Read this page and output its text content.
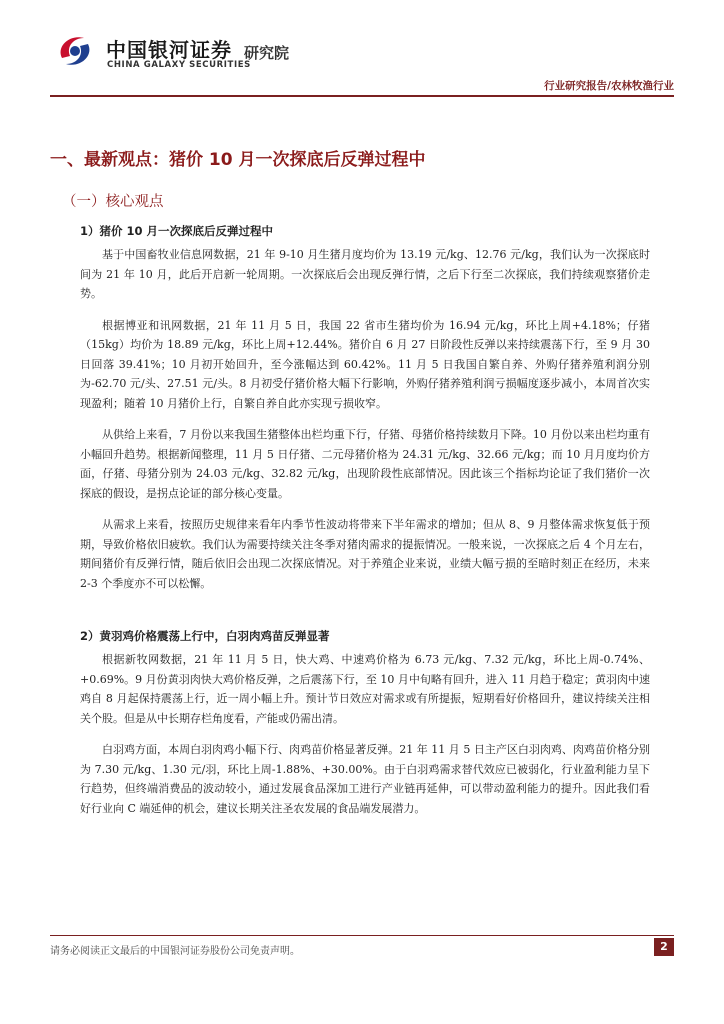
中国银河证券
CHINA GALAXY SECURITIES
研究院
行业研究报告/农林牧渔行业
一、最新观点：猪价 10 月一次探底后反弹过程中
（一）核心观点
1）猪价 10 月一次探底后反弹过程中

基于中国畜牧业信息网数据，21 年 9-10 月生猪月度均价为 13.19 元/kg、12.76 元/kg，我们认为一次探底时间为 21 年 10 月，此后开启新一轮周期。一次探底后会出现反弹行情，之后下行至二次探底，我们持续观察猪价走势。

根据博亚和讯网数据，21 年 11 月 5 日，我国 22 省市生猪均价为 16.94 元/kg，环比上周+4.18%；仔猪（15kg）均价为 18.89 元/kg，环比上周+12.44%。猪价自 6 月 27 日阶段性反弹以来持续震荡下行，至 9 月 30 日回落 39.41%；10 月初开始回升，至今涨幅达到 60.42%。11 月 5 日我国自繁自养、外购仔猪养殖利润分别为-62.70 元/头、27.51 元/头。8 月初受仔猪价格大幅下行影响，外购仔猪养殖利润亏损幅度逐步减小，本周首次实现盈利；随着 10 月猪价上行，自繁自养自此亦实现亏损收窄。

从供给上来看，7 月份以来我国生猪整体出栏均重下行，仔猪、母猪价格持续数月下降。10 月份以来出栏均重有小幅回升趋势。根据新闻整理，11 月 5 日仔猪、二元母猪价格为 24.31 元/kg、32.66 元/kg；而 10 月月度均价方面，仔猪、母猪分别为 24.03 元/kg、32.82 元/kg，出现阶段性底部情况。因此该三个指标均论证了我们猪价一次探底的假设，是拐点论证的部分核心变量。

从需求上来看，按照历史规律来看年内季节性波动将带来下半年需求的增加；但从 8、9 月整体需求恢复低于预期，导致价格依旧疲软。我们认为需要持续关注冬季对猪肉需求的提振情况。一般来说，一次探底之后 4 个月左右，期间猪价有反弹行情，随后依旧会出现二次探底情况。对于养殖企业来说，业绩大幅亏损的至暗时刻正在经历，未来 2-3 个季度亦不可以松懈。

2）黄羽鸡价格震荡上行中，白羽肉鸡苗反弹显著

根据新牧网数据，21 年 11 月 5 日，快大鸡、中速鸡价格为 6.73 元/kg、7.32 元/kg，环比上周-0.74%、+0.69%。9 月份黄羽肉快大鸡价格反弹，之后震荡下行，至 10 月中旬略有回升，进入 11 月趋于稳定；黄羽肉中速鸡自 8 月起保持震荡上行，近一周小幅上升。预计节日效应对需求或有所提振，短期看好价格回升，建议持续关注相关个股。但是从中长期存栏角度看，产能或仍需出清。

白羽鸡方面，本周白羽肉鸡小幅下行、肉鸡苗价格显著反弹。21 年 11 月 5 日主产区白羽肉鸡、肉鸡苗价格分别为 7.30 元/kg、1.30 元/羽，环比上周-1.88%、+30.00%。由于白羽鸡需求替代效应已被弱化，行业盈利能力呈下行趋势，但终端消费品的波动较小，通过发展食品深加工进行产业链再延伸，可以带动盈利能力的提升。因此我们看好行业向 C 端延伸的机会，建议长期关注圣农发展的食品端发展潜力。

请务必阅读正文最后的中国银河证券股份公司免责声明。	2
